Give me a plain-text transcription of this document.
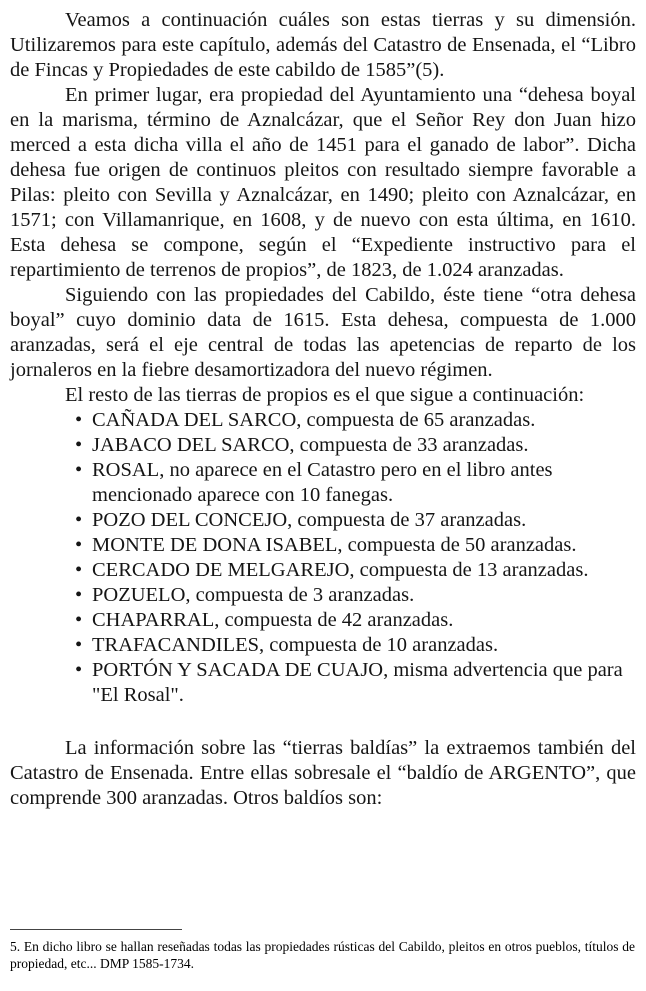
Veamos a continuación cuáles son estas tierras y su dimensión. Utilizaremos para este capítulo, además del Catastro de Ensenada, el “Libro de Fincas y Propiedades de este cabildo de 1585”(5).

En primer lugar, era propiedad del Ayuntamiento una “dehesa boyal en la marisma, término de Aznalcázar, que el Señor Rey don Juan hizo merced a esta dicha villa el año de 1451 para el ganado de labor”. Dicha dehesa fue origen de continuos pleitos con resultado siempre favorable a Pilas: pleito con Sevilla y Aznalcázar, en 1490; pleito con Aznalcázar, en 1571; con Villamanrique, en 1608, y de nuevo con esta última, en 1610. Esta dehesa se compone, según el “Expediente instructivo para el repartimiento de terrenos de propios”, de 1823, de 1.024 aranzadas.

Siguiendo con las propiedades del Cabildo, éste tiene “otra dehesa boyal” cuyo dominio data de 1615. Esta dehesa, compuesta de 1.000 aranzadas, será el eje central de todas las apetencias de reparto de los jornaleros en la fiebre desamortizadora del nuevo régimen.

El resto de las tierras de propios es el que sigue a continuación:

• CAÑADA DEL SARCO, compuesta de 65 aranzadas.
• JABACO DEL SARCO, compuesta de 33 aranzadas.
• ROSAL, no aparece en el Catastro pero en el libro antes mencionado aparece con 10 fanegas.
• POZO DEL CONCEJO, compuesta de 37 aranzadas.
• MONTE DE DONA ISABEL, compuesta de 50 aranzadas.
• CERCADO DE MELGAREJO, compuesta de 13 aranzadas.
• POZUELO, compuesta de 3 aranzadas.
• CHAPARRAL, compuesta de 42 aranzadas.
• TRAFACANDILES, compuesta de 10 aranzadas.
• PORTÓN Y SACADA DE CUAJO, misma advertencia que para "El Rosal".

La información sobre las “tierras baldías” la extraemos también del Catastro de Ensenada. Entre ellas sobresale el “baldío de ARGENTO”, que comprende 300 aranzadas. Otros baldíos son:

5. En dicho libro se hallan reseñadas todas las propiedades rústicas del Cabildo, pleitos en otros pueblos, títulos de propiedad, etc... DMP 1585-1734.
